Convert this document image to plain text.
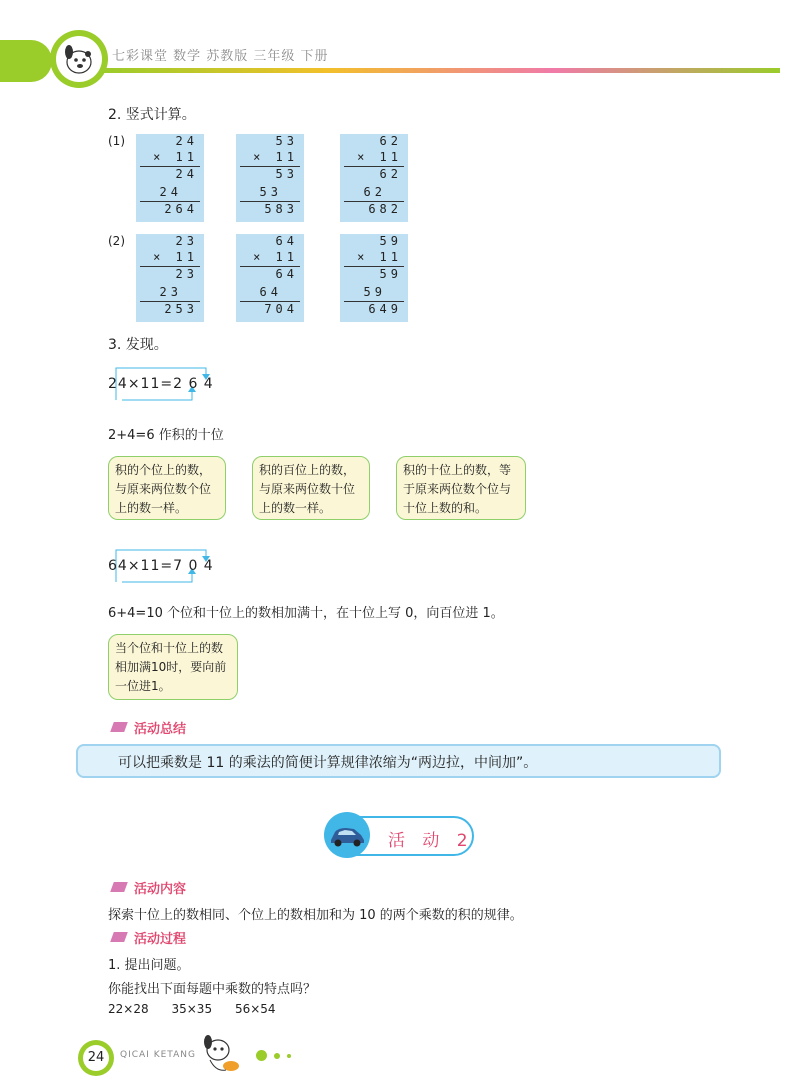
七彩课堂 数学 苏教版 三年级 下册
2. 竖式计算。
(1)
(2)
24
× 11
24
24
264
53
× 11
53
53
583
62
× 11
62
62
682
23
× 11
23
23
253
64
× 11
64
64
704
59
× 11
59
59
649
3. 发现。
24×11=2 6 4
2+4=6 作积的十位
积的个位上的数，与原来两位数个位上的数一样。
积的百位上的数，与原来两位数十位上的数一样。
积的十位上的数，等于原来两位数个位与十位上数的和。
64×11=7 0 4
6+4=10 个位和十位上的数相加满十，在十位上写 0，向百位进 1。
当个位和十位上的数相加满10时，要向前一位进1。
活动总结
可以把乘数是 11 的乘法的简便计算规律浓缩为“两边拉，中间加”。
活 动 2
活动内容
探索十位上的数相同、个位上的数相加和为 10 的两个乘数的积的规律。
活动过程
1. 提出问题。
你能找出下面每题中乘数的特点吗？
22×28      35×35      56×54
24	QICAI KETANG
